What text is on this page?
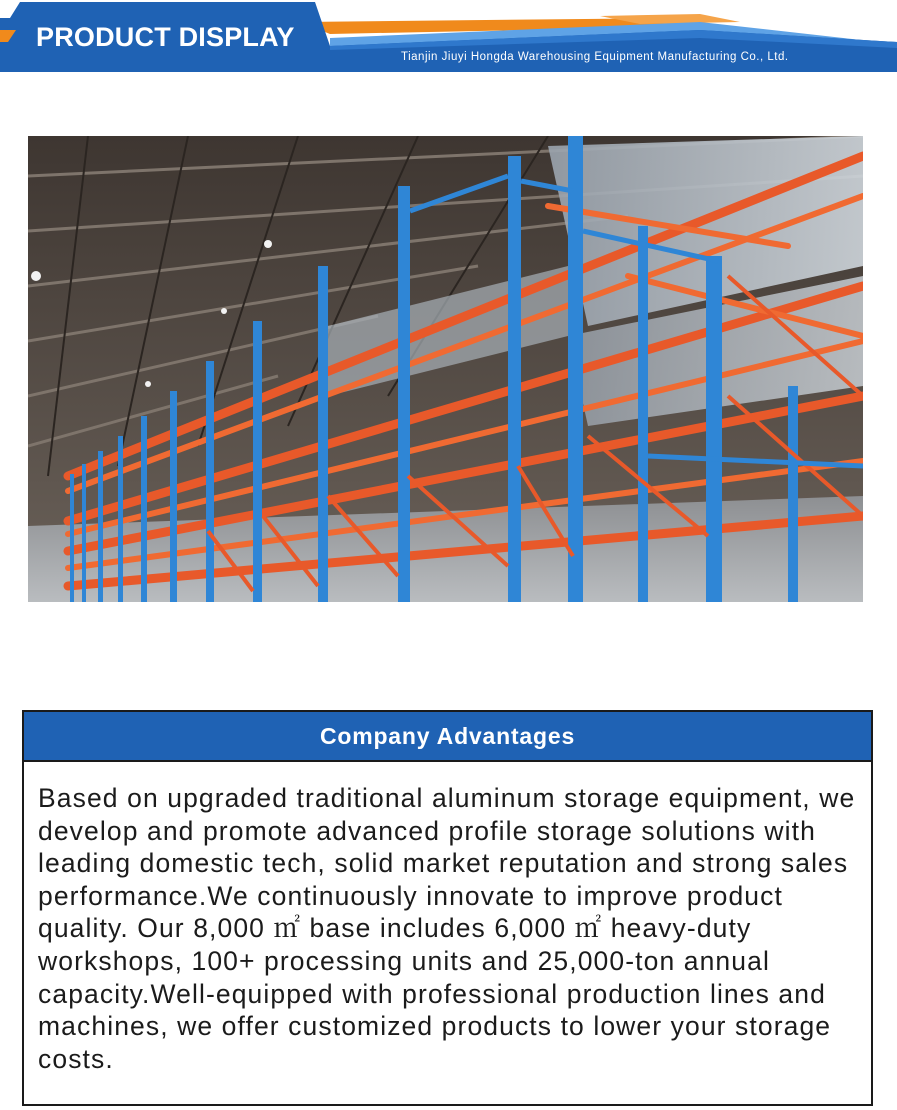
PRODUCT DISPLAY
Tianjin Jiuyi Hongda Warehousing Equipment Manufacturing Co., Ltd.
Company Advantages

Based on upgraded traditional aluminum storage equipment, we develop and promote advanced profile storage solutions with leading domestic tech, solid market reputation and strong sales performance.We continuously innovate to improve product quality. Our 8,000 ㎡ base includes 6,000 ㎡ heavy-duty workshops, 100+ processing units and 25,000-ton annual capacity.Well-equipped with professional production lines and machines, we offer customized products to lower your storage costs.
